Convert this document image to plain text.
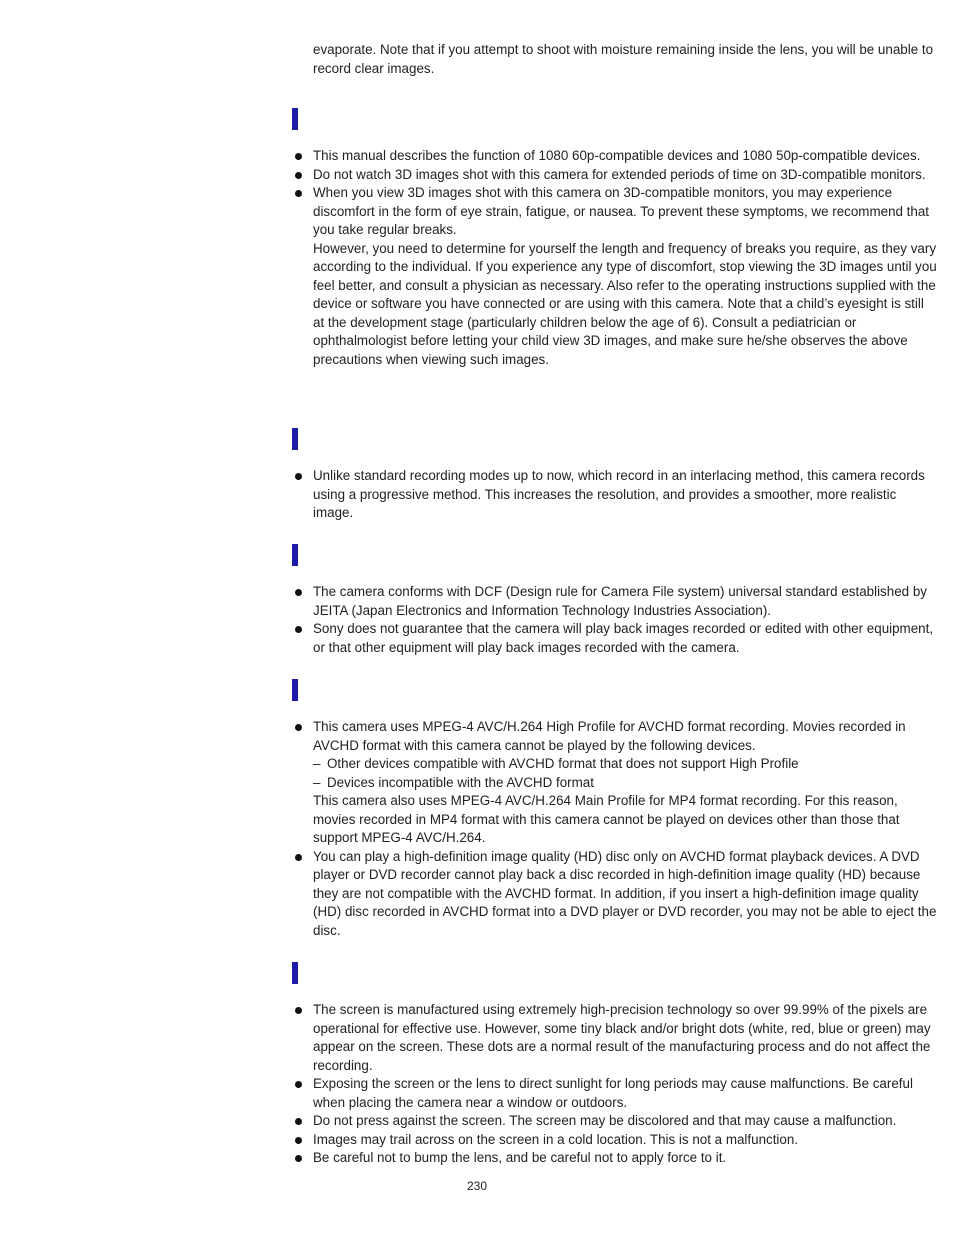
evaporate. Note that if you attempt to shoot with moisture remaining inside the lens, you will be unable to record clear images.

This manual describes the function of 1080 60p-compatible devices and 1080 50p-compatible devices.
Do not watch 3D images shot with this camera for extended periods of time on 3D-compatible monitors.
When you view 3D images shot with this camera on 3D-compatible monitors, you may experience discomfort in the form of eye strain, fatigue, or nausea. To prevent these symptoms, we recommend that you take regular breaks.
However, you need to determine for yourself the length and frequency of breaks you require, as they vary according to the individual. If you experience any type of discomfort, stop viewing the 3D images until you feel better, and consult a physician as necessary. Also refer to the operating instructions supplied with the device or software you have connected or are using with this camera. Note that a child’s eyesight is still at the development stage (particularly children below the age of 6). Consult a pediatrician or ophthalmologist before letting your child view 3D images, and make sure he/she observes the above precautions when viewing such images.
Unlike standard recording modes up to now, which record in an interlacing method, this camera records using a progressive method. This increases the resolution, and provides a smoother, more realistic image.
The camera conforms with DCF (Design rule for Camera File system) universal standard established by JEITA (Japan Electronics and Information Technology Industries Association).
Sony does not guarantee that the camera will play back images recorded or edited with other equipment, or that other equipment will play back images recorded with the camera.
This camera uses MPEG-4 AVC/H.264 High Profile for AVCHD format recording. Movies recorded in AVCHD format with this camera cannot be played by the following devices.
– Other devices compatible with AVCHD format that does not support High Profile
– Devices incompatible with the AVCHD format
This camera also uses MPEG-4 AVC/H.264 Main Profile for MP4 format recording. For this reason, movies recorded in MP4 format with this camera cannot be played on devices other than those that support MPEG-4 AVC/H.264.
You can play a high-definition image quality (HD) disc only on AVCHD format playback devices. A DVD player or DVD recorder cannot play back a disc recorded in high-definition image quality (HD) because they are not compatible with the AVCHD format. In addition, if you insert a high-definition image quality (HD) disc recorded in AVCHD format into a DVD player or DVD recorder, you may not be able to eject the disc.
The screen is manufactured using extremely high-precision technology so over 99.99% of the pixels are operational for effective use. However, some tiny black and/or bright dots (white, red, blue or green) may appear on the screen. These dots are a normal result of the manufacturing process and do not affect the recording.
Exposing the screen or the lens to direct sunlight for long periods may cause malfunctions. Be careful when placing the camera near a window or outdoors.
Do not press against the screen. The screen may be discolored and that may cause a malfunction.
Images may trail across on the screen in a cold location. This is not a malfunction.
Be careful not to bump the lens, and be careful not to apply force to it.
230
